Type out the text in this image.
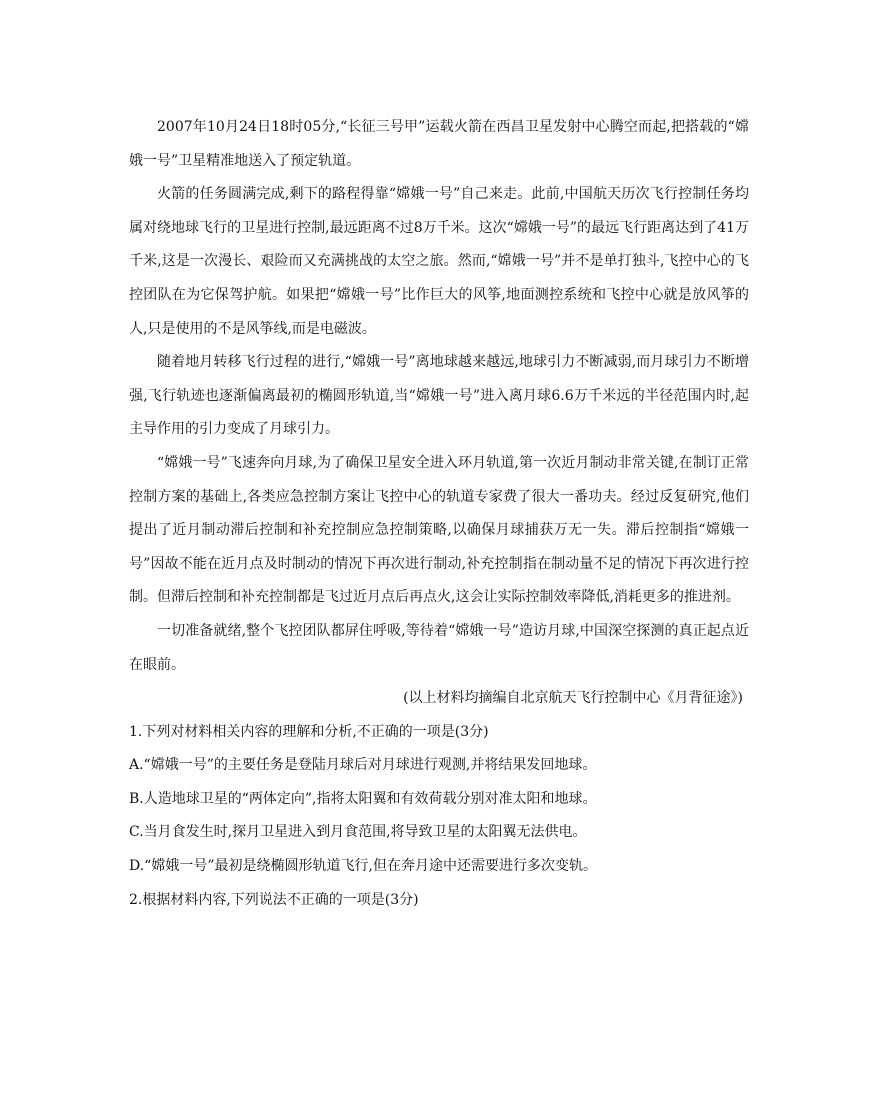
2007年10月24日18时05分,“长征三号甲”运载火箭在西昌卫星发射中心腾空而起,把搭载的“嫦娥一号”卫星精准地送入了预定轨道。

火箭的任务圆满完成,剩下的路程得靠“嫦娥一号”自己来走。此前,中国航天历次飞行控制任务均属对绕地球飞行的卫星进行控制,最远距离不过8万千米。这次“嫦娥一号”的最远飞行距离达到了41万千米,这是一次漫长、艰险而又充满挑战的太空之旅。然而,“嫦娥一号”并不是单打独斗,飞控中心的飞控团队在为它保驾护航。如果把“嫦娥一号”比作巨大的风筝,地面测控系统和飞控中心就是放风筝的人,只是使用的不是风筝线,而是电磁波。

随着地月转移飞行过程的进行,“嫦娥一号”离地球越来越远,地球引力不断减弱,而月球引力不断增强,飞行轨迹也逐渐偏离最初的椭圆形轨道,当“嫦娥一号”进入离月球6.6万千米远的半径范围内时,起主导作用的引力变成了月球引力。

“嫦娥一号”飞速奔向月球,为了确保卫星安全进入环月轨道,第一次近月制动非常关键,在制订正常控制方案的基础上,各类应急控制方案让飞控中心的轨道专家费了很大一番功夫。经过反复研究,他们提出了近月制动滞后控制和补充控制应急控制策略,以确保月球捕获万无一失。滞后控制指“嫦娥一号”因故不能在近月点及时制动的情况下再次进行制动,补充控制指在制动量不足的情况下再次进行控制。但滞后控制和补充控制都是飞过近月点后再点火,这会让实际控制效率降低,消耗更多的推进剂。

一切准备就绪,整个飞控团队都屏住呼吸,等待着“嫦娥一号”造访月球,中国深空探测的真正起点近在眼前。

(以上材料均摘编自北京航天飞行控制中心《月背征途》)

1.下列对材料相关内容的理解和分析,不正确的一项是(3分)

A.“嫦娥一号”的主要任务是登陆月球后对月球进行观测,并将结果发回地球。

B.人造地球卫星的“两体定向”,指将太阳翼和有效荷载分别对准太阳和地球。

C.当月食发生时,探月卫星进入到月食范围,将导致卫星的太阳翼无法供电。

D.“嫦娥一号”最初是绕椭圆形轨道飞行,但在奔月途中还需要进行多次变轨。

2.根据材料内容,下列说法不正确的一项是(3分)
